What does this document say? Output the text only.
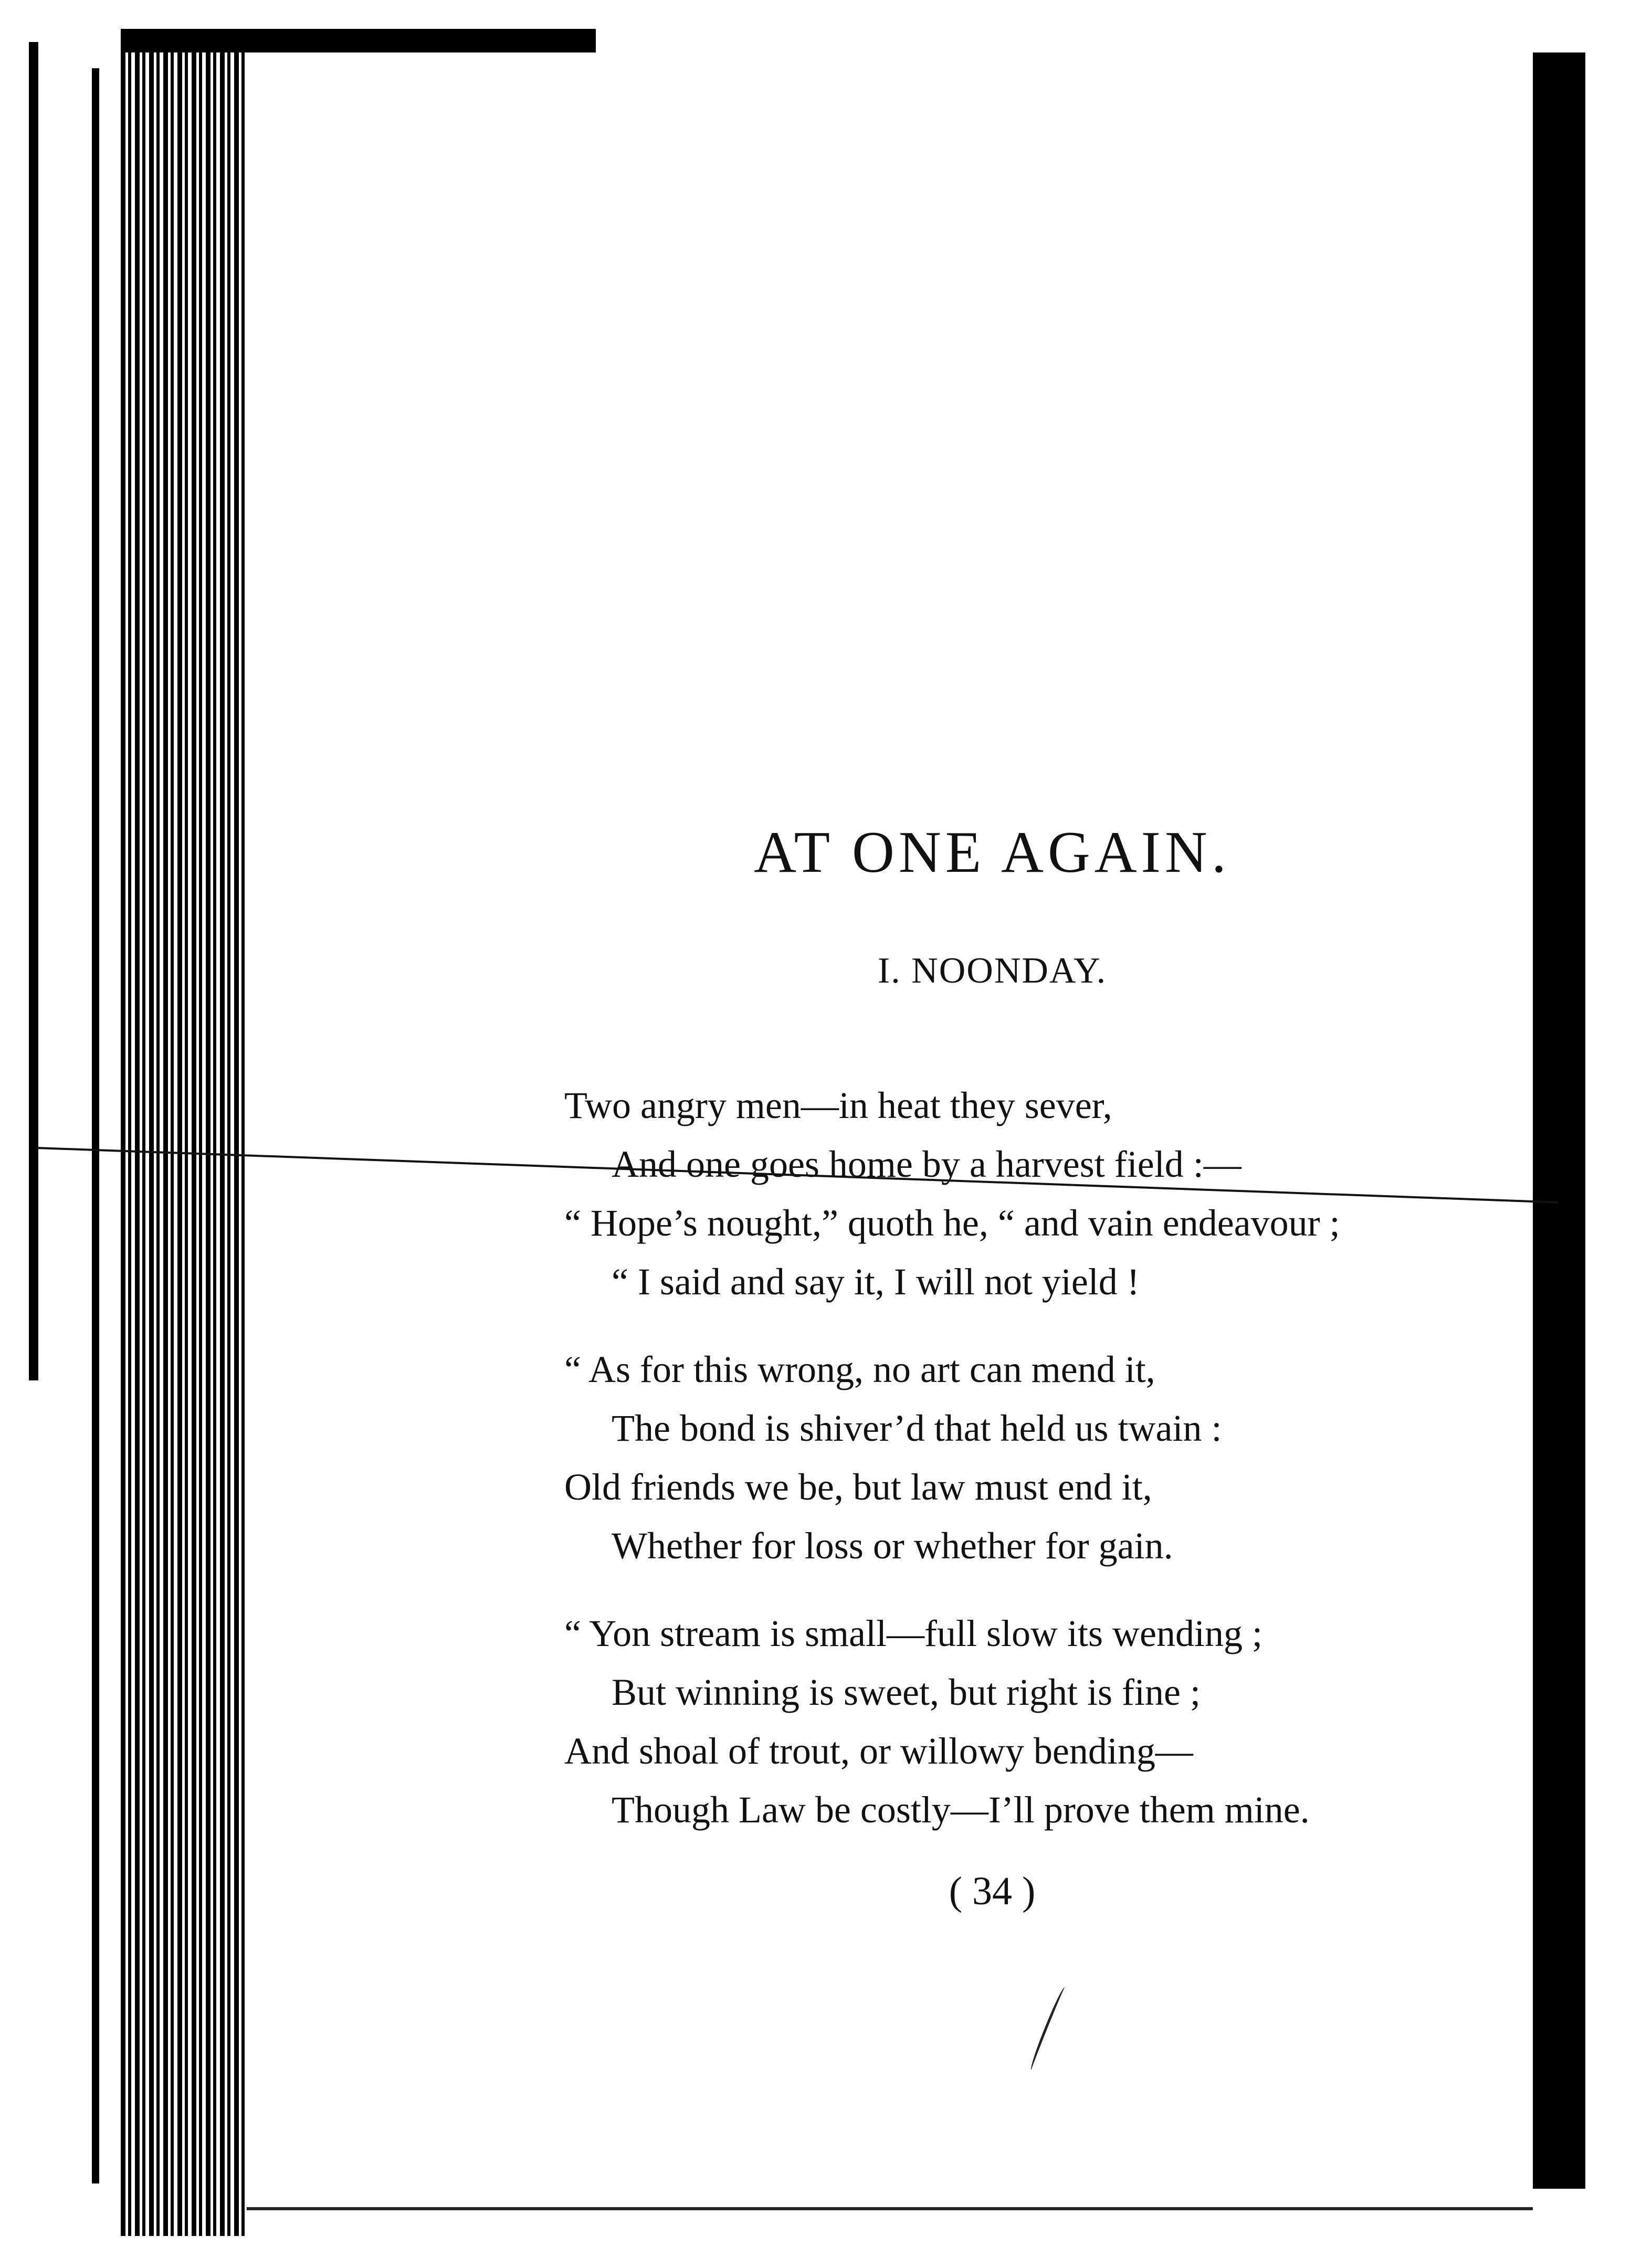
AT ONE AGAIN.
I. NOONDAY.
Two angry men—in heat they sever,
And one goes home by a harvest field :—
“ Hope’s nought,” quoth he, “ and vain endeavour ;
“ I said and say it, I will not yield !
“ As for this wrong, no art can mend it,
The bond is shiver’d that held us twain :
Old friends we be, but law must end it,
Whether for loss or whether for gain.
“ Yon stream is small—full slow its wending ;
But winning is sweet, but right is fine ;
And shoal of trout, or willowy bending—
Though Law be costly—I’ll prove them mine.
( 34 )
